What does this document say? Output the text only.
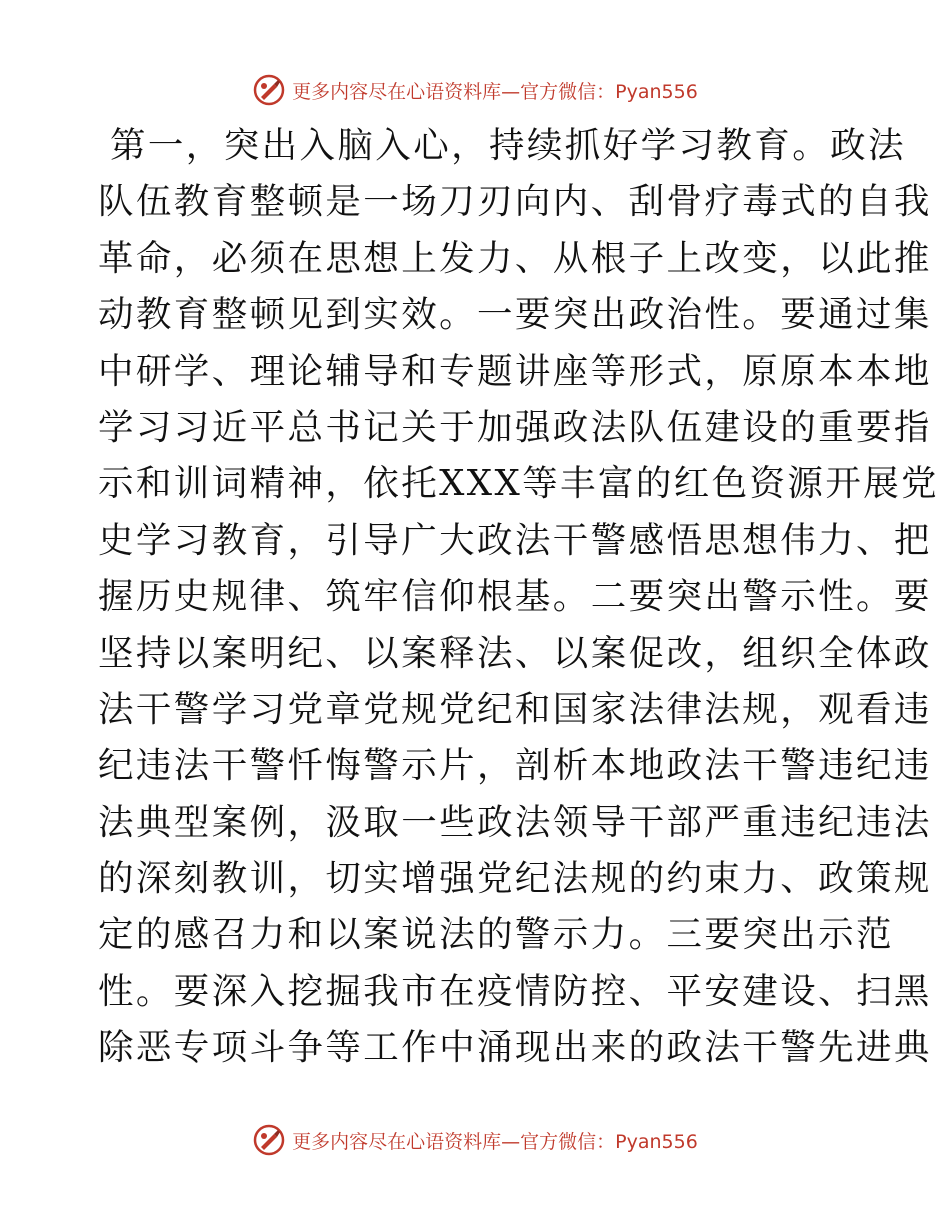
更多内容尽在心语资料库—官方微信：Pyan556
第一，突出入脑入心，持续抓好学习教育。政法
队伍教育整顿是一场刀刃向内、刮骨疗毒式的自我
革命，必须在思想上发力、从根子上改变，以此推
动教育整顿见到实效。一要突出政治性。要通过集
中研学、理论辅导和专题讲座等形式，原原本本地
学习习近平总书记关于加强政法队伍建设的重要指
示和训词精神，依托XXX等丰富的红色资源开展党
史学习教育，引导广大政法干警感悟思想伟力、把
握历史规律、筑牢信仰根基。二要突出警示性。要
坚持以案明纪、以案释法、以案促改，组织全体政
法干警学习党章党规党纪和国家法律法规，观看违
纪违法干警忏悔警示片，剖析本地政法干警违纪违
法典型案例，汲取一些政法领导干部严重违纪违法
的深刻教训，切实增强党纪法规的约束力、政策规
定的感召力和以案说法的警示力。三要突出示范
性。要深入挖掘我市在疫情防控、平安建设、扫黑
除恶专项斗争等工作中涌现出来的政法干警先进典
更多内容尽在心语资料库—官方微信：Pyan556
